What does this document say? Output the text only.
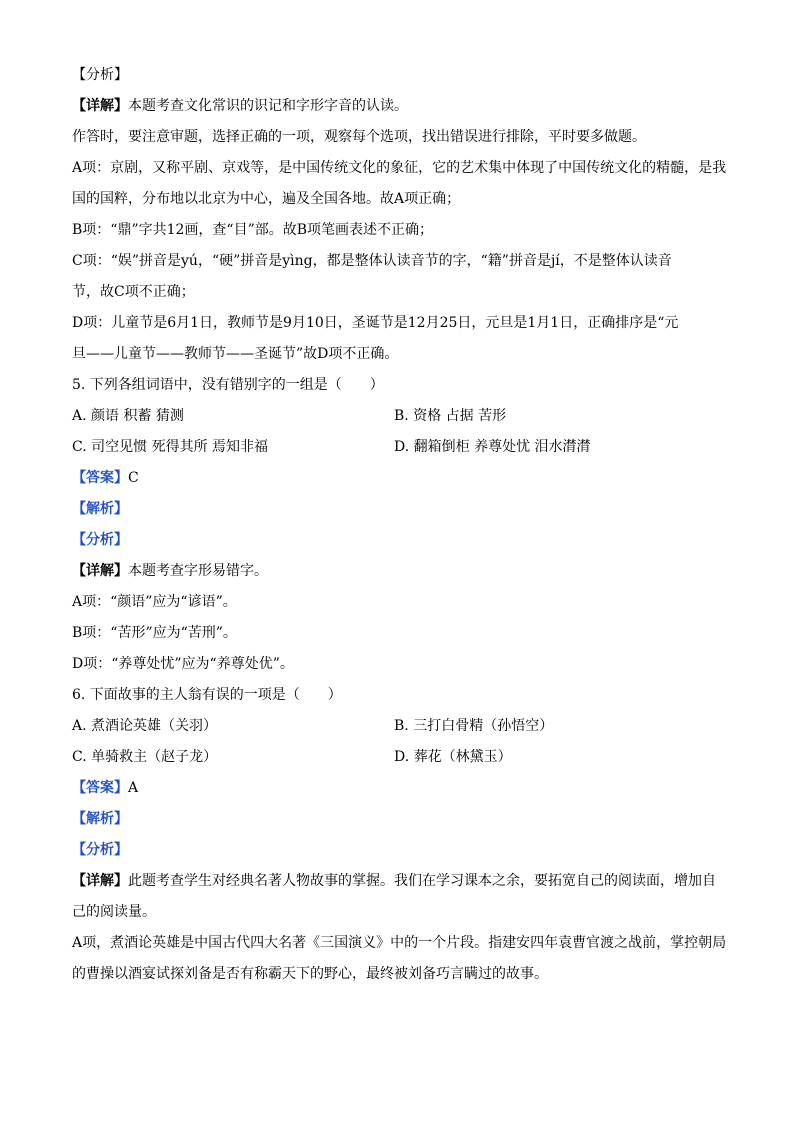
【分析】
【详解】本题考查文化常识的识记和字形字音的认读。
作答时，要注意审题，选择正确的一项，观察每个选项，找出错误进行排除，平时要多做题。
A项：京剧，又称平剧、京戏等，是中国传统文化的象征，它的艺术集中体现了中国传统文化的精髓，是我
国的国粹，分布地以北京为中心，遍及全国各地。故A项正确；
B项：“鼎”字共12画，查“目”部。故B项笔画表述不正确；
C项：“娱”拼音是yú，“硬”拼音是yìng，都是整体认读音节的字，“籍”拼音是jí，不是整体认读音
节，故C项不正确；
D项：儿童节是6月1日，教师节是9月10日，圣诞节是12月25日，元旦是1月1日，正确排序是“元
旦——儿童节——教师节——圣诞节”故D项不正确。
5. 下列各组词语中，没有错别字的一组是（　　）
A. 颜语 积蓄 猜测	B. 资格 占据 苦形
C. 司空见惯 死得其所 焉知非福	D. 翻箱倒柜 养尊处忧 泪水潸潸
【答案】C
【解析】
【分析】
【详解】本题考查字形易错字。
A项：“颜语”应为“谚语”。
B项：“苦形”应为“苦刑”。
D项：“养尊处忧”应为“养尊处优”。
6. 下面故事的主人翁有误的一项是（　　）
A. 煮酒论英雄（关羽）	B. 三打白骨精（孙悟空）
C. 单骑救主（赵子龙）	D. 葬花（林黛玉）
【答案】A
【解析】
【分析】
【详解】此题考查学生对经典名著人物故事的掌握。我们在学习课本之余，要拓宽自己的阅读面，增加自
己的阅读量。
A项，煮酒论英雄是中国古代四大名著《三国演义》中的一个片段。指建安四年袁曹官渡之战前，掌控朝局
的曹操以酒宴试探刘备是否有称霸天下的野心，最终被刘备巧言瞒过的故事。
